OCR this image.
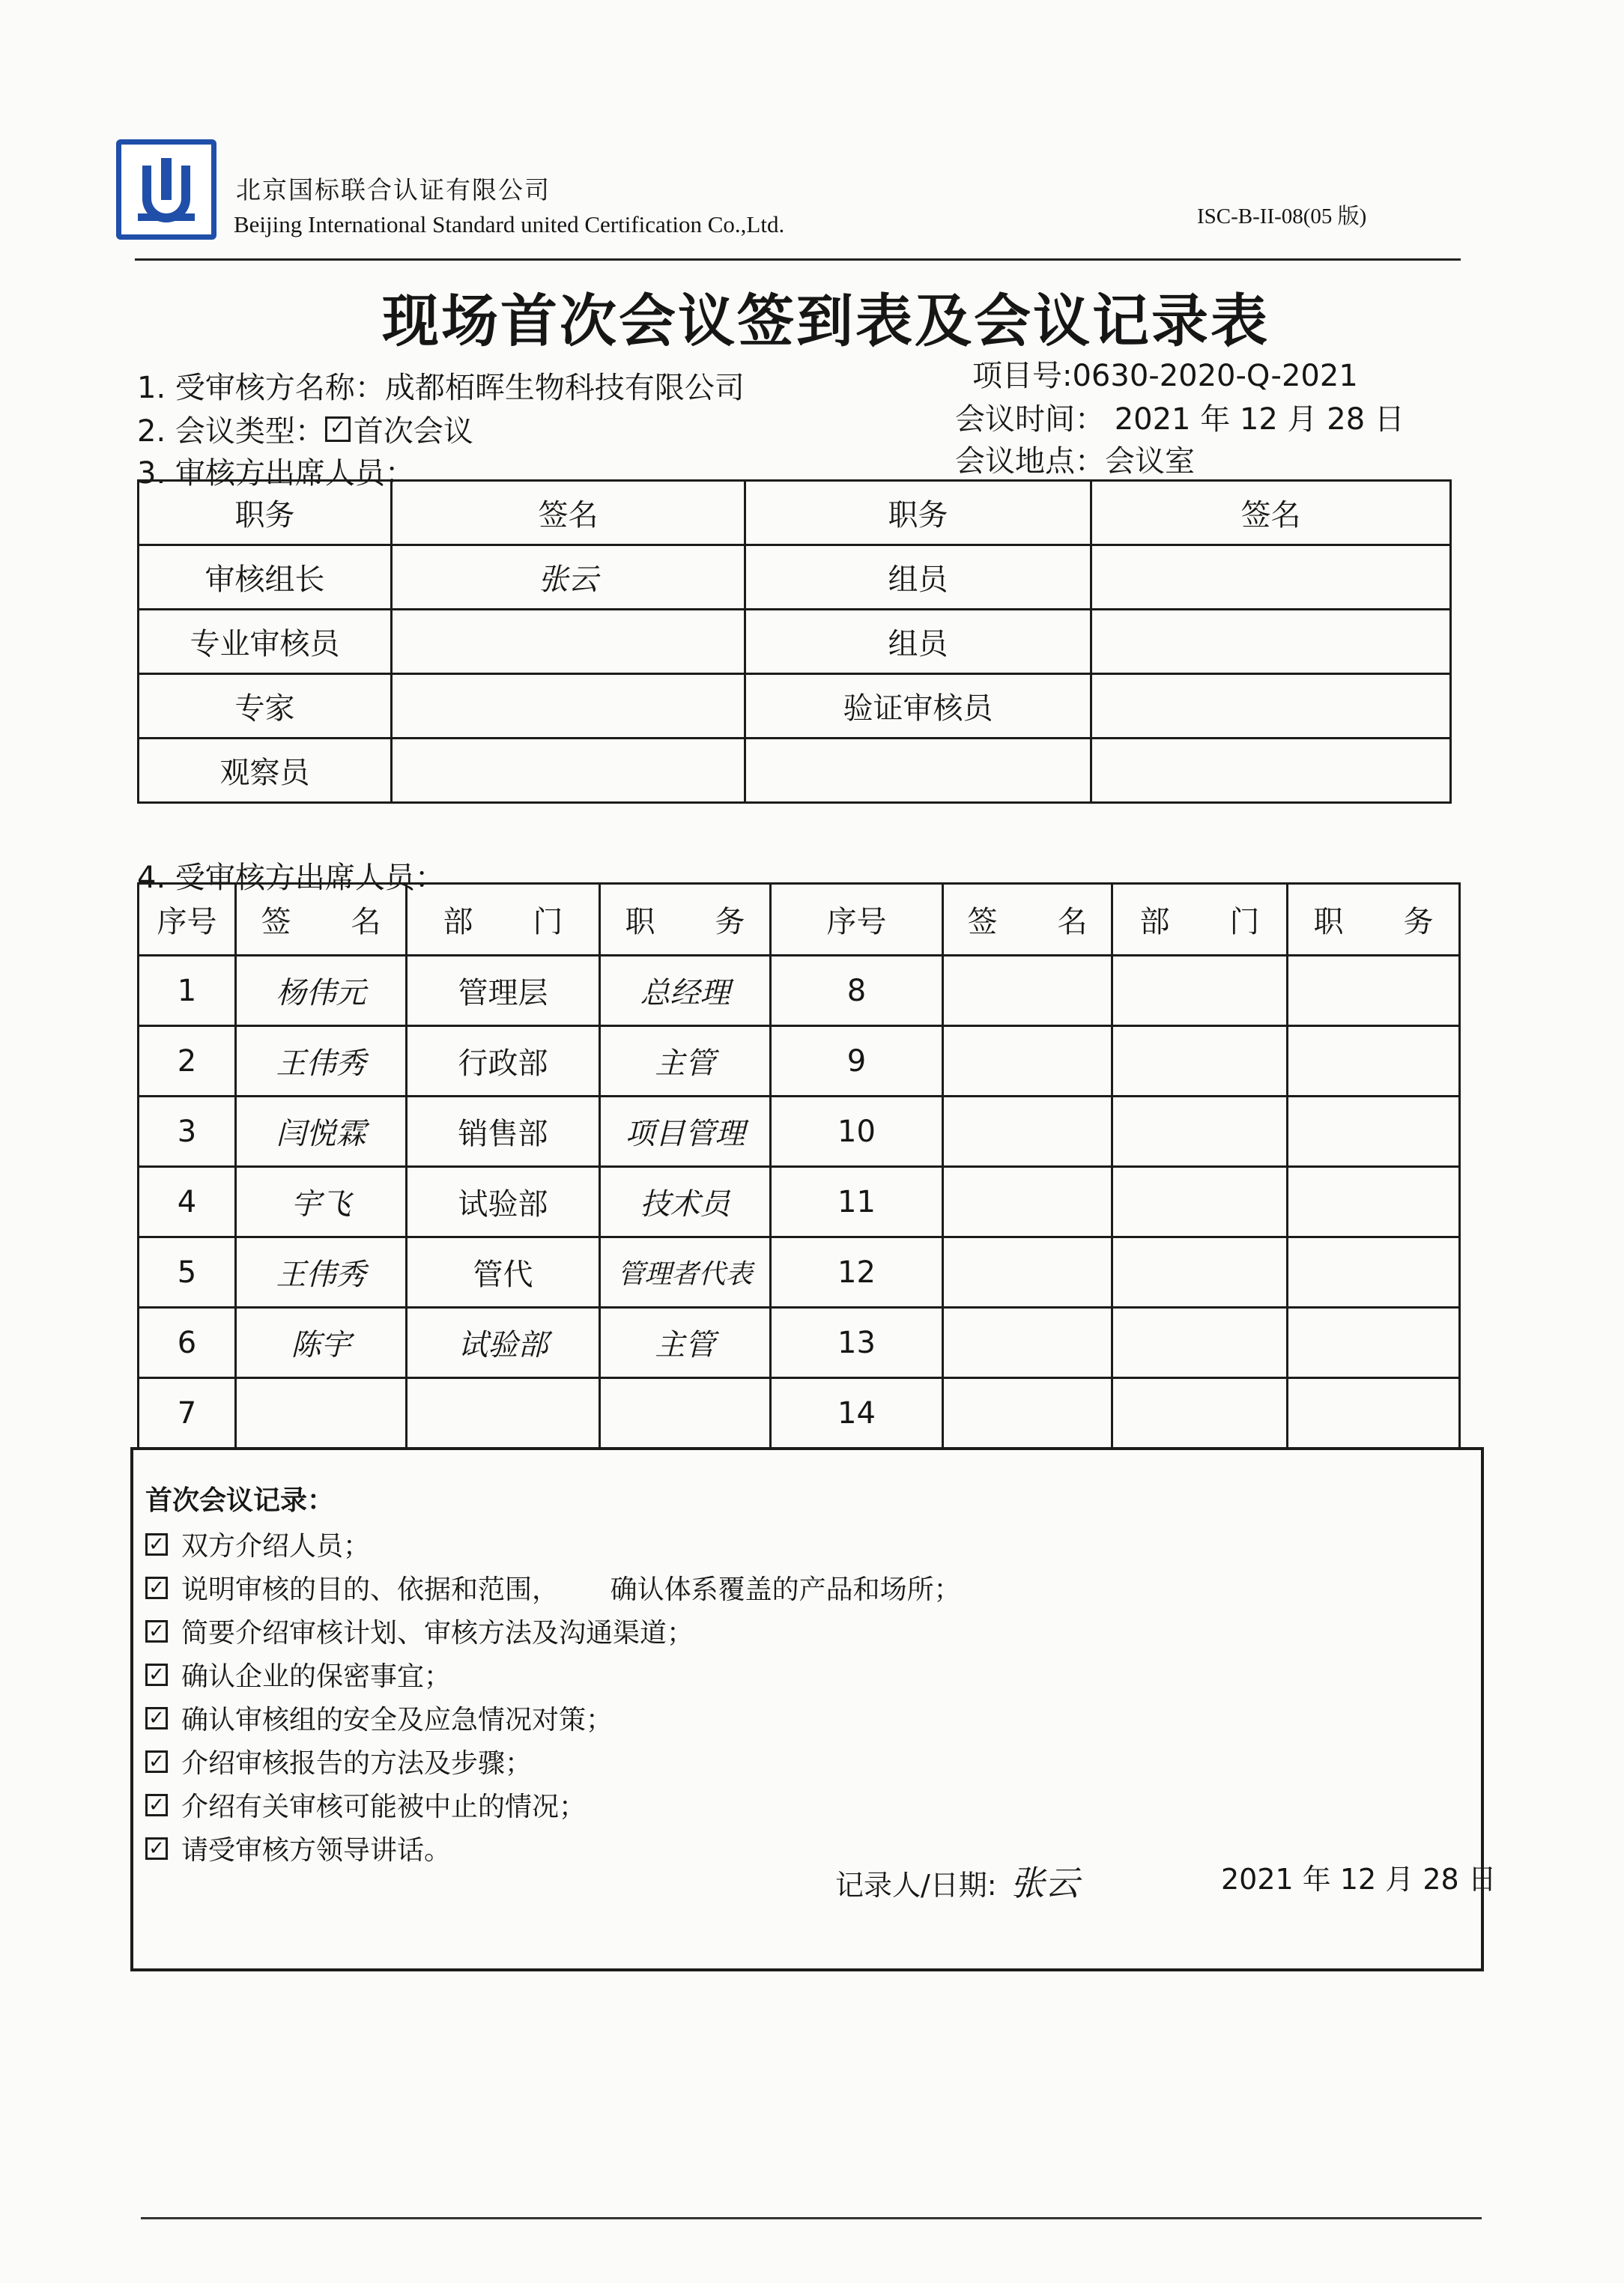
北京国标联合认证有限公司
Beijing International Standard united Certification Co.,Ltd.	ISC-B-II-08(05 版)
现场首次会议签到表及会议记录表
1. 受审核方名称：成都栢晖生物科技有限公司	项目号:0630-2020-Q-2021
2. 会议类型： ✓ 首次会议	会议时间： 2021 年 12 月 28 日
3. 审核方出席人员：	会议地点：会议室
职务	签名	职务	签名
审核组长	张云	组员	
专业审核员		组员	
专家		验证审核员	
观察员			
4. 受审核方出席人员：
序号	签　　名	部　　门	职　　务	序号	签　　名	部　　门	职　　务
1	杨伟元	管理层	总经理	8			
2	王伟秀	行政部	主管	9			
3	闫悦霖	销售部	项目管理	10			
4	宇飞	试验部	技术员	11			
5	王伟秀	管代	管理者代表	12			
6	陈宇	试验部	主管	13			
7				14			
首次会议记录：
✓ 双方介绍人员；
✓ 说明审核的目的、依据和范围，      确认体系覆盖的产品和场所；
✓ 简要介绍审核计划、审核方法及沟通渠道；
✓ 确认企业的保密事宜；
✓ 确认审核组的安全及应急情况对策；
✓ 介绍审核报告的方法及步骤；
✓ 介绍有关审核可能被中止的情况；
✓ 请受审核方领导讲话。
记录人/日期: 张云	2021 年 12 月 28 日
